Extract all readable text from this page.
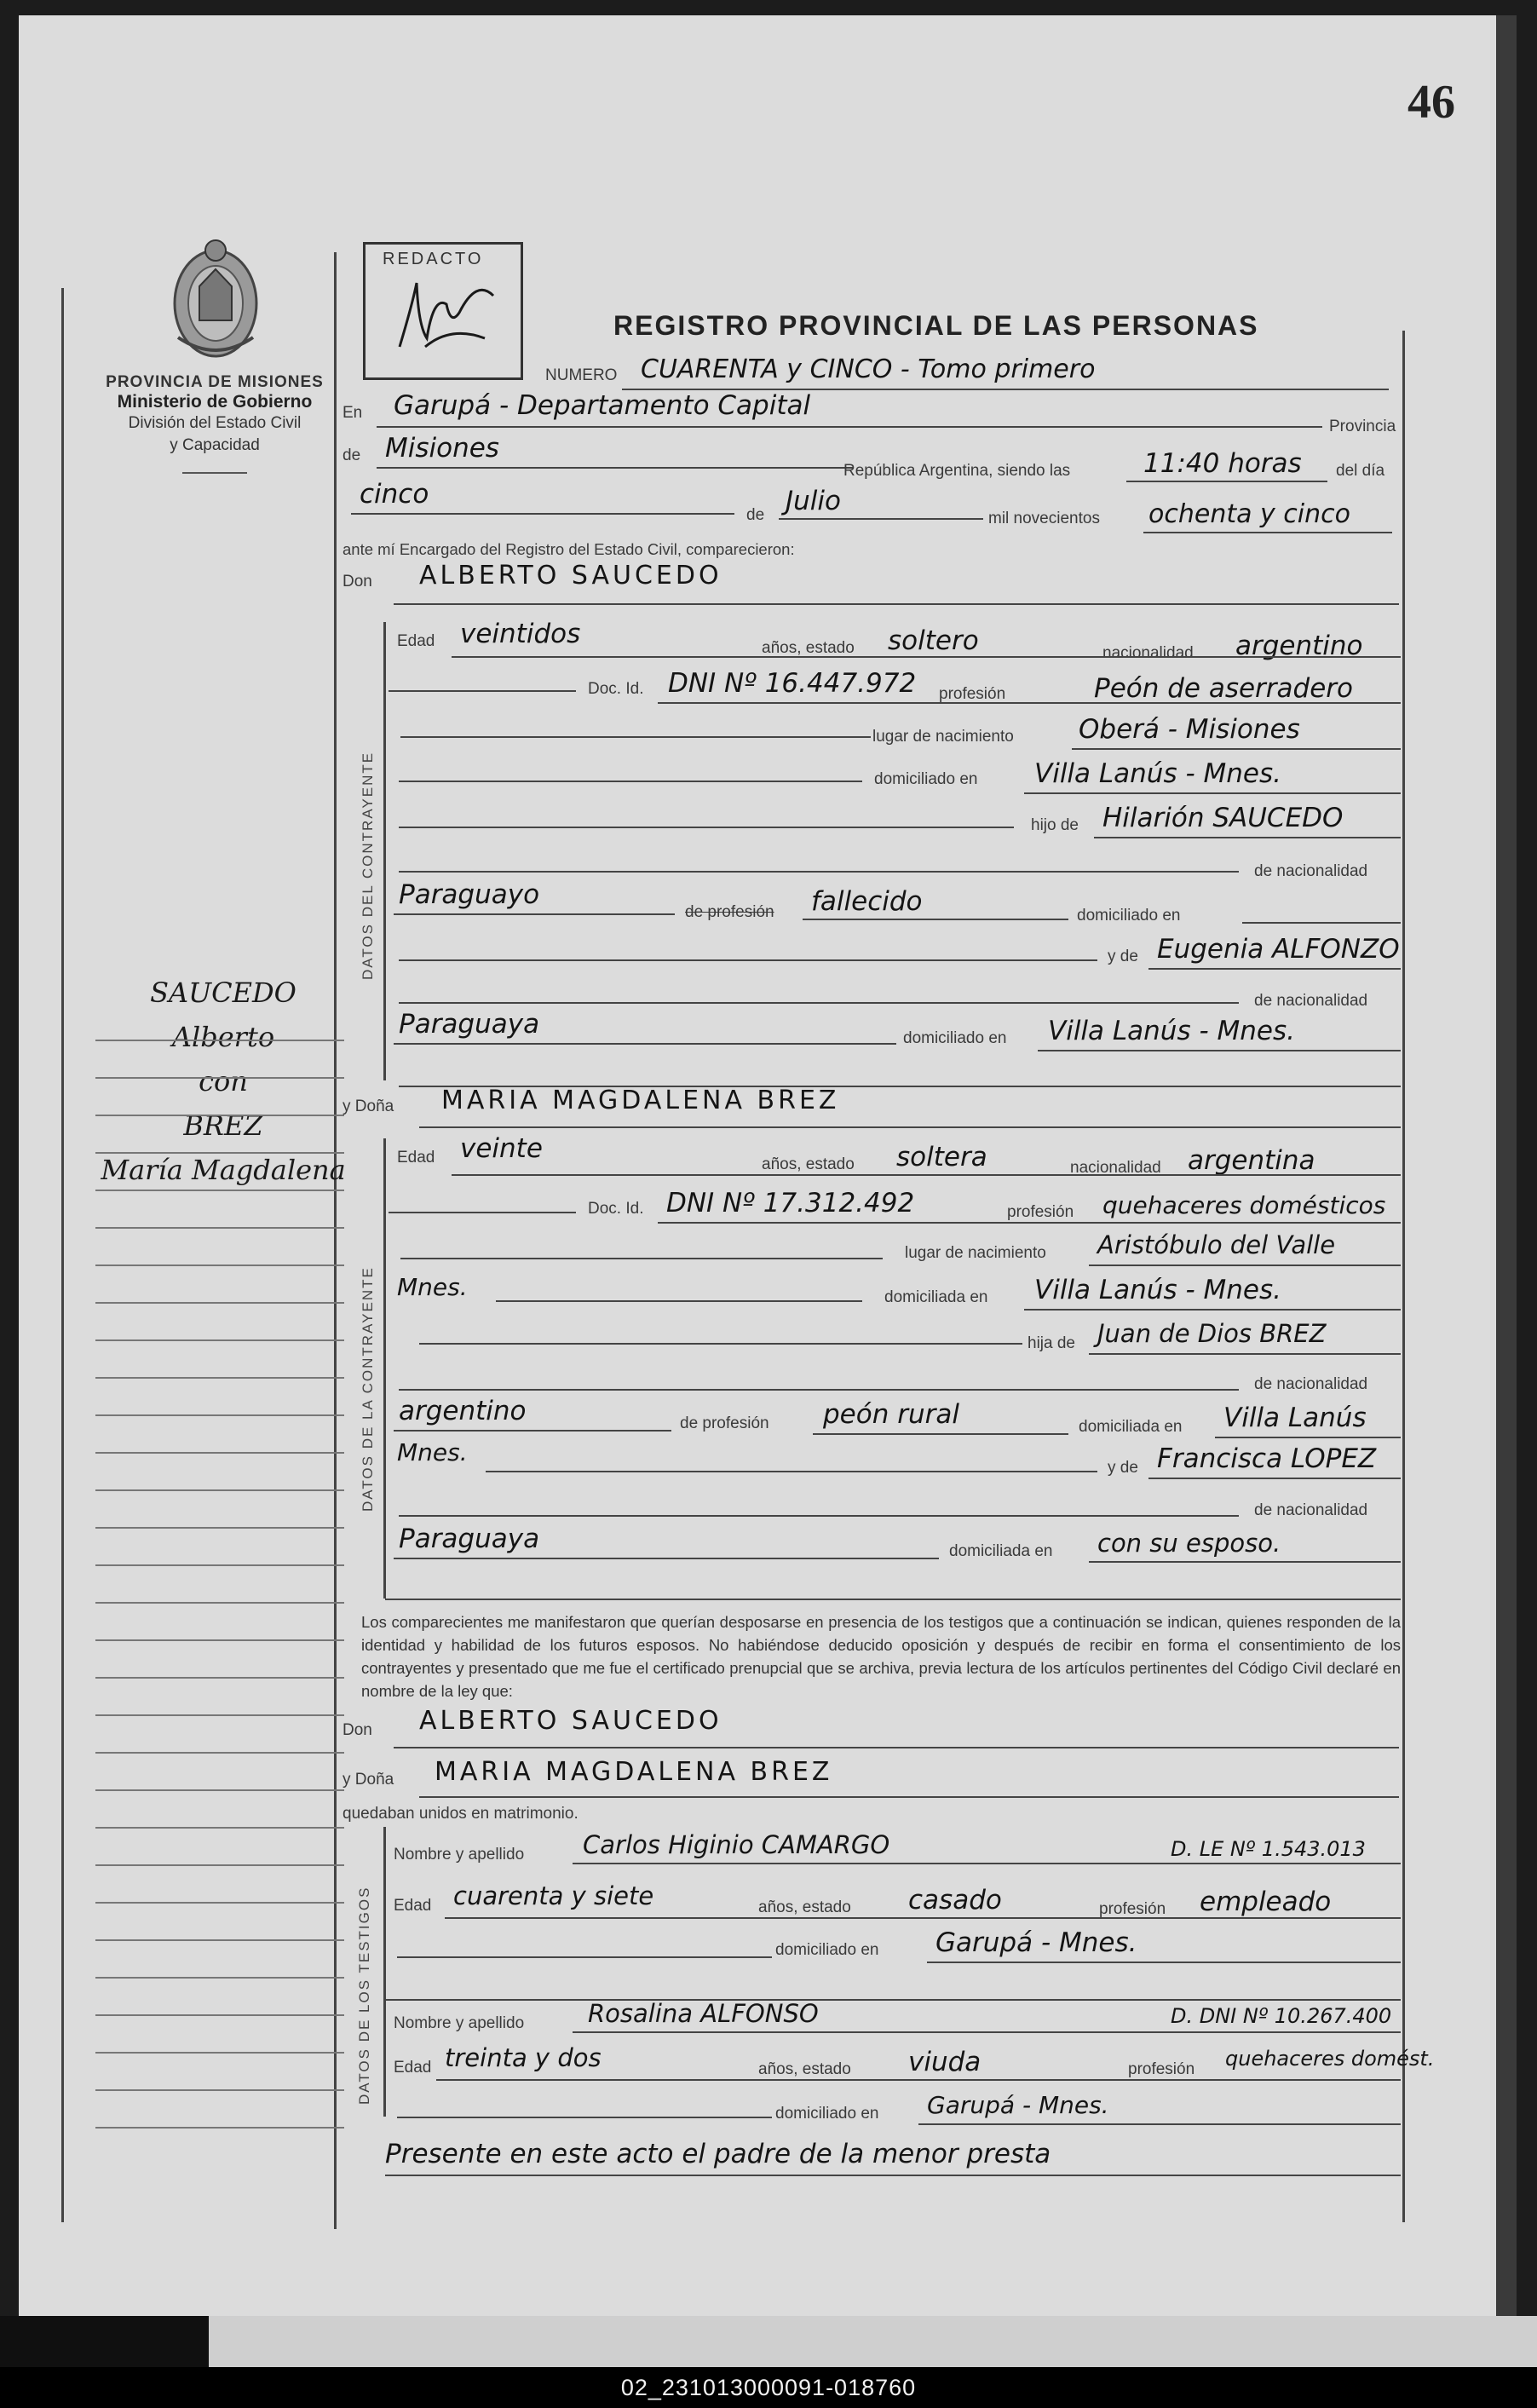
46
PROVINCIA DE MISIONES
Ministerio de Gobierno
División del Estado Civil
y Capacidad
SAUCEDO
Alberto
con
BREZ
María Magdalena
REDACTO
REGISTRO PROVINCIAL DE LAS PERSONAS
NUMERO CUARENTA y CINCO - Tomo primero
En Garupá - Departamento Capital
Provincia
de Misiones
República Argentina, siendo las	11:40 horas del día
cinco
de Julio
mil novecientos ochenta y cinco
ante mí Encargado del Registro del Estado Civil, comparecieron:
Don ALBERTO SAUCEDO
DATOS DEL CONTRAYENTE
Edad veintidos	años, estado soltero	nacionalidad argentino
Doc. Id. DNI Nº 16.447.972 profesión	Peón de aserradero
lugar de nacimiento Oberá - Misiones
domiciliado en Villa Lanús - Mnes.
hijo de Hilarión SAUCEDO
de nacionalidad
Paraguayo
de profesión fallecido	domiciliado en
y de Eugenia ALFONZO
de nacionalidad
Paraguaya	domiciliado en Villa Lanús - Mnes.
y Doña MARIA MAGDALENA BREZ
DATOS DE LA CONTRAYENTE
Edad veinte
años, estado soltera	nacionalidad argentina
Doc. Id. DNI Nº 17.312.492	profesión quehaceres domésticos
lugar de nacimiento Aristóbulo del Valle
Mnes.	domiciliada en Villa Lanús - Mnes.
hija de Juan de Dios BREZ
de nacionalidad
argentino	de profesión peón rural	domiciliada en Villa Lanús
Mnes.
y de Francisca LOPEZ
de nacionalidad
Paraguaya	domiciliada en con su esposo.
Los comparecientes me manifestaron que querían desposarse en presencia de los testigos que a continuación se indican, quienes responden de la identidad y habilidad de los futuros esposos. No habiéndose deducido oposición y después de recibir en forma el consentimiento de los contrayentes y presentado que me fue el certificado prenupcial que se archiva, previa lectura de los artículos pertinentes del Código Civil declaré en nombre de la ley que:
Don ALBERTO SAUCEDO
y Doña MARIA MAGDALENA BREZ
quedaban unidos en matrimonio.
DATOS DE LOS TESTIGOS
Nombre y apellido Carlos Higinio CAMARGO	D. LE Nº 1.543.013
Edad cuarenta y siete	años, estado casado	profesión empleado
domiciliado en Garupá - Mnes.
Nombre y apellido	Rosalina ALFONSO	D. DNI Nº 10.267.400
Edad treinta y dos	años, estado viuda	profesión quehaceres domést.
domiciliado en Garupá - Mnes.
Presente en este acto el padre de la menor presta
02_231013000091-018760
